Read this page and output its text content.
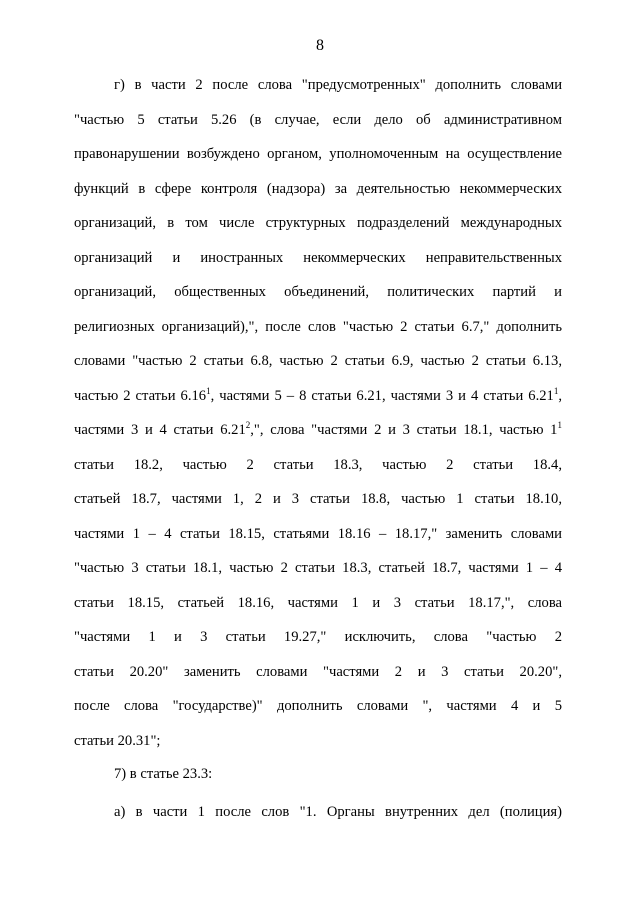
8
г) в части 2 после слова "предусмотренных" дополнить словами
"частью 5 статьи 5.26 (в случае, если дело об административном
правонарушении возбуждено органом, уполномоченным на осуществление
функций в сфере контроля (надзора) за деятельностью некоммерческих
организаций, в том числе структурных подразделений международных
организаций и иностранных некоммерческих неправительственных
организаций, общественных объединений, политических партий и
религиозных организаций),", после слов "частью 2 статьи 6.7," дополнить
словами "частью 2 статьи 6.8, частью 2 статьи 6.9, частью 2 статьи 6.13,
частью 2 статьи 6.16$^1$, частями 5 – 8 статьи 6.21, частями 3 и 4 статьи 6.21$^1$,
частями 3 и 4 статьи 6.21$^2$,", слова "частями 2 и 3 статьи 18.1, частью $1^1$
статьи 18.2, частью 2 статьи 18.3, частью 2 статьи 18.4,
статьей 18.7, частями 1, 2 и 3 статьи 18.8, частью 1 статьи 18.10,
частями 1 – 4 статьи 18.15, статьями 18.16 – 18.17," заменить словами
"частью 3 статьи 18.1, частью 2 статьи 18.3, статьей 18.7, частями 1 – 4
статьи 18.15, статьей 18.16, частями 1 и 3 статьи 18.17,", слова
"частями 1 и 3 статьи 19.27," исключить, слова "частью 2
статьи 20.20" заменить словами "частями 2 и 3 статьи 20.20",
после слова "государстве)" дополнить словами ", частями 4 и 5
статьи 20.31";
7) в статье 23.3:
а) в части 1 после слов "1. Органы внутренних дел (полиция)
